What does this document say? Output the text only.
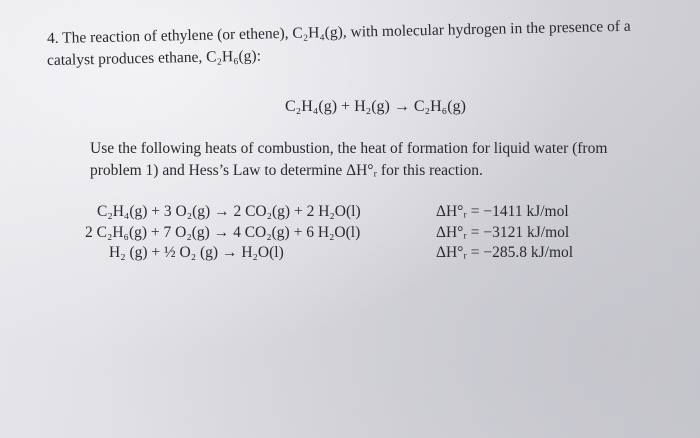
4. The reaction of ethylene (or ethene), C₂H₄(g), with molecular hydrogen in the presence of a
catalyst produces ethane, C₂H₆(g):
C₂H₄(g) + H₂(g) → C₂H₆(g)
Use the following heats of combustion, the heat of formation for liquid water (from
problem 1) and Hess’s Law to determine ΔH°ᵣ for this reaction.
C₂H₄(g) + 3 O₂(g) → 2 CO₂(g) + 2 H₂O(l)
2 C₂H₆(g) + 7 O₂(g) → 4 CO₂(g) + 6 H₂O(l)
H₂ (g) + ½ O₂ (g) → H₂O(l)
ΔH°ᵣ = −1411 kJ/mol
ΔH°ᵣ = −3121 kJ/mol
ΔH°ᵣ = −285.8 kJ/mol
